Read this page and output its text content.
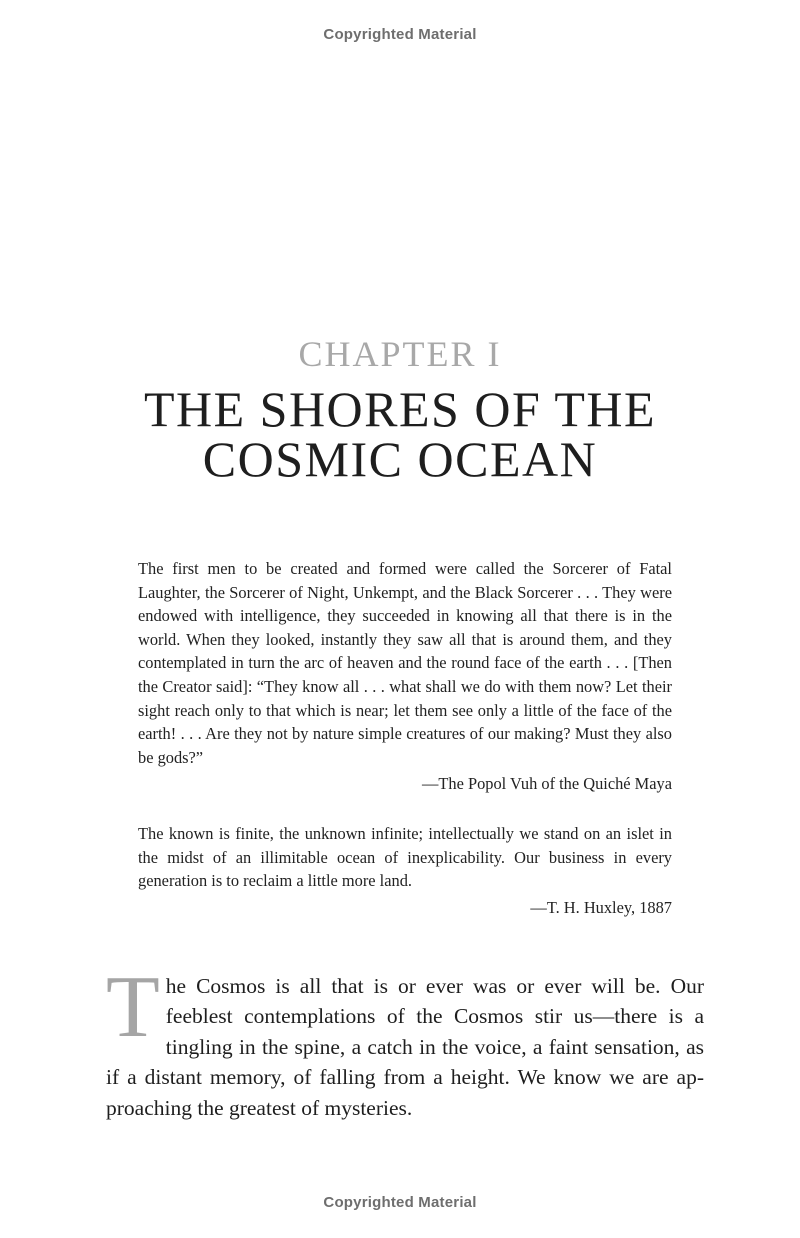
Copyrighted Material
CHAPTER I
THE SHORES OF THE
COSMIC OCEAN

The first men to be created and formed were called the Sorcerer of Fatal Laughter, the Sorcerer of Night, Unkempt, and the Black Sorcerer . . . They were endowed with intelligence, they succeeded in knowing all that there is in the world. When they looked, instantly they saw all that is around them, and they contemplated in turn the arc of heaven and the round face of the earth . . . [Then the Creator said]: “They know all . . . what shall we do with them now? Let their sight reach only to that which is near; let them see only a little of the face of the earth! . . . Are they not by nature simple creatures of our making? Must they also be gods?”

—The Popol Vuh of the Quiché Maya

The known is finite, the unknown infinite; intellectually we stand on an islet in the midst of an illimitable ocean of inexplicability. Our business in every generation is to reclaim a little more land.

—T. H. Huxley, 1887

The Cosmos is all that is or ever was or ever will be. Our feeblest contemplations of the Cosmos stir us—there is a tingling in the spine, a catch in the voice, a faint sensation, as if a distant memory, of falling from a height. We know we are approaching the greatest of mysteries.

Copyrighted Material
